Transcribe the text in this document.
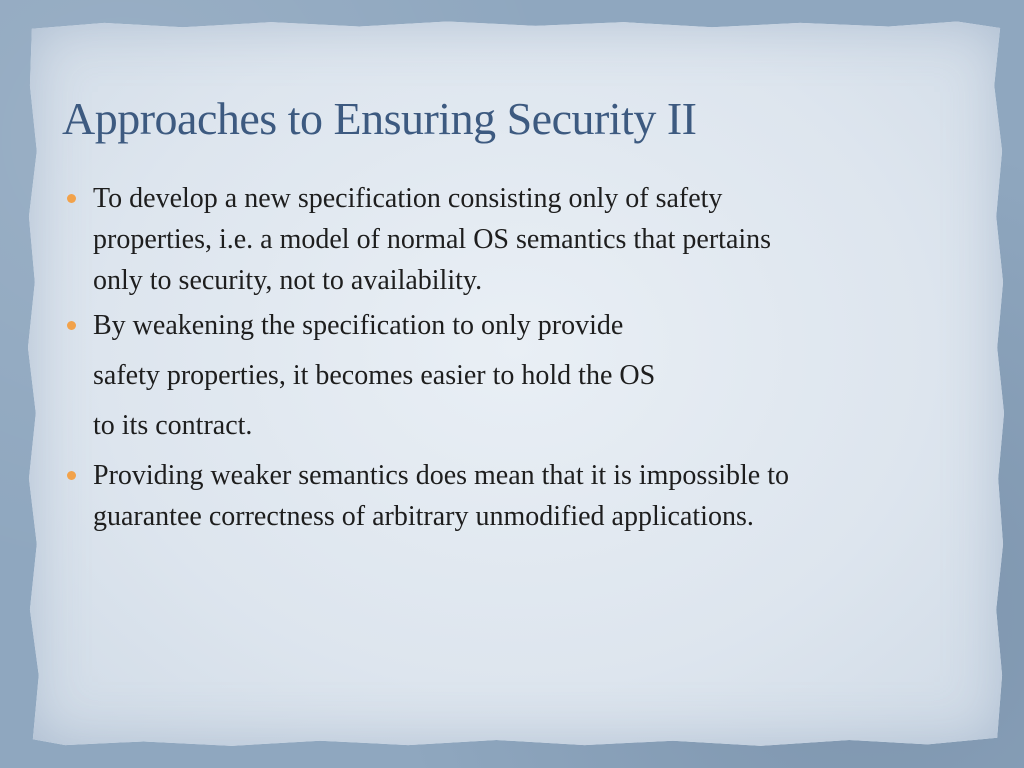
Approaches to Ensuring Security II
To develop a new specification consisting only of safety
properties, i.e. a model of normal OS semantics that pertains
only to security, not to availability.
By weakening the specification to only provide
safety properties, it becomes easier to hold the OS
to its contract.
Providing weaker semantics does mean that it is impossible to
guarantee correctness of arbitrary unmodified applications.
